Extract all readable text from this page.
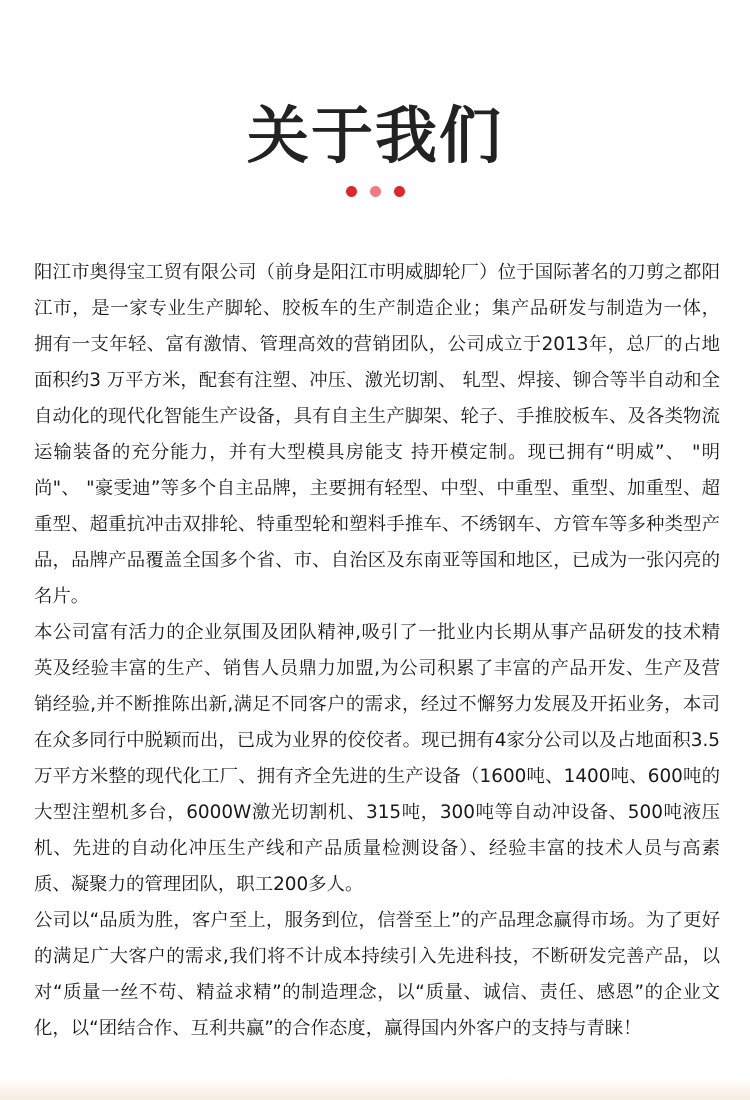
关于我们

阳江市奥得宝工贸有限公司（前身是阳江市明威脚轮厂）位于国际著名的刀剪之都阳江市，是一家专业生产脚轮、胶板车的生产制造企业；集产品研发与制造为一体， 拥有一支年轻、富有激情、管理高效的营销团队，公司成立于2013年，总厂的占地面积约3 万平方米，配套有注塑、冲压、激光切割、 轧型、焊接、铆合等半自动和全自动化的现代化智能生产设备，具有自主生产脚架、轮子、手推胶板车、及各类物流运输装备的充分能力，并有大型模具房能支 持开模定制。现已拥有“明威”、 "明尚"、 "豪雯迪”等多个自主品牌，主要拥有轻型、中型、中重型、重型、加重型、超重型、超重抗冲击双排轮、特重型轮和塑料手推车、不绣钢车、方管车等多种类型产品，品牌产品覆盖全国多个省、市、自治区及东南亚等国和地区，已成为一张闪亮的名片。

本公司富有活力的企业氛围及团队精神,吸引了一批业内长期从事产品研发的技术精英及经验丰富的生产、销售人员鼎力加盟,为公司积累了丰富的产品开发、生产及营销经验,并不断推陈出新,满足不同客户的需求，经过不懈努力发展及开拓业务，本司在众多同行中脱颖而出，已成为业界的佼佼者。现已拥有4家分公司以及占地面积3.5万平方米整的现代化工厂、拥有齐全先进的生产设备（1600吨、1400吨、600吨的大型注塑机多台，6000W激光切割机、315吨，300吨等自动冲设备、500吨液压机、先进的自动化冲压生产线和产品质量检测设备）、经验丰富的技术人员与高素质、凝聚力的管理团队，职工200多人。

公司以“品质为胜，客户至上，服务到位，信誉至上”的产品理念赢得市场。为了更好的满足广大客户的需求,我们将不计成本持续引入先进科技，不断研发完善产品，以对“质量一丝不苟、精益求精”的制造理念，以“质量、诚信、责任、感恩”的企业文化，以“团结合作、互利共赢”的合作态度，赢得国内外客户的支持与青睐！
